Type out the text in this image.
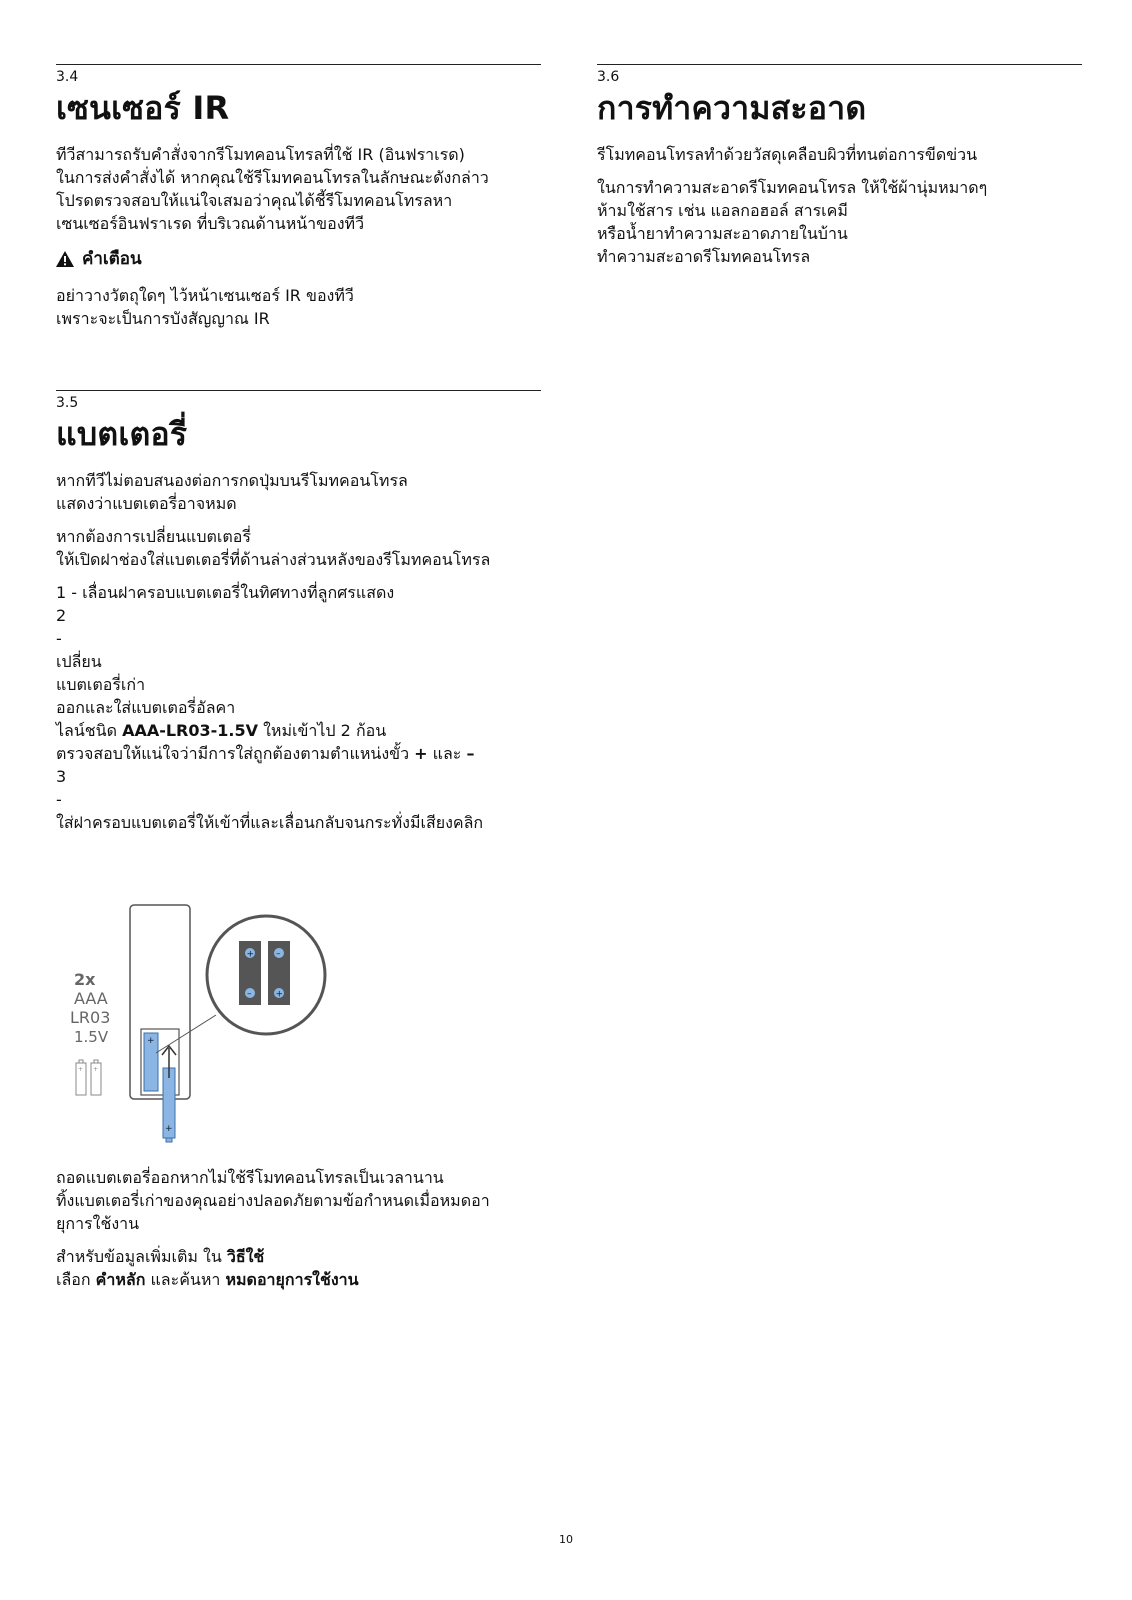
3.4
เซนเซอร์ IR
ทีวีสามารถรับคำสั่งจากรีโมทคอนโทรลที่ใช้ IR (อินฟราเรด)
ในการส่งคำสั่งได้ หากคุณใช้รีโมทคอนโทรลในลักษณะดังกล่าว
โปรดตรวจสอบให้แน่ใจเสมอว่าคุณได้ชี้รีโมทคอนโทรลหา
เซนเซอร์อินฟราเรด ที่บริเวณด้านหน้าของทีวี
คำเตือน
อย่าวางวัตถุใดๆ ไว้หน้าเซนเซอร์ IR ของทีวี
เพราะจะเป็นการบังสัญญาณ IR
3.5
แบตเตอรี่
หากทีวีไม่ตอบสนองต่อการกดปุ่มบนรีโมทคอนโทรล
แสดงว่าแบตเตอรี่อาจหมด
หากต้องการเปลี่ยนแบตเตอรี่
ให้เปิดฝาช่องใส่แบตเตอรี่ที่ด้านล่างส่วนหลังของรีโมทคอนโทรล
1 - เลื่อนฝาครอบแบตเตอรี่ในทิศทางที่ลูกศรแสดง
2
-
เปลี่ยน
แบตเตอรี่เก่า
ออกและใส่แบตเตอรี่อัลคา
ไลน์ชนิด AAA-LR03-1.5V ใหม่เข้าไป 2 ก้อน
ตรวจสอบให้แน่ใจว่ามีการใส่ถูกต้องตามตำแหน่งขั้ว + และ –
3
-
ใส่ฝาครอบแบตเตอรี่ให้เข้าที่และเลื่อนกลับจนกระทั่งมีเสียงคลิก
2x
AAA
LR03
1.5V
+ +
+
+
+
–
–
+
ถอดแบตเตอรี่ออกหากไม่ใช้รีโมทคอนโทรลเป็นเวลานาน
ทิ้งแบตเตอรี่เก่าของคุณอย่างปลอดภัยตามข้อกำหนดเมื่อหมดอา
ยุการใช้งาน
สำหรับข้อมูลเพิ่มเติม ใน วิธีใช้
เลือก คำหลัก และค้นหา หมดอายุการใช้งาน
3.6
การทำความสะอาด
รีโมทคอนโทรลทำด้วยวัสดุเคลือบผิวที่ทนต่อการขีดข่วน
ในการทำความสะอาดรีโมทคอนโทรล ให้ใช้ผ้านุ่มหมาดๆ
ห้ามใช้สาร เช่น แอลกอฮอล์ สารเคมี
หรือน้ำยาทำความสะอาดภายในบ้าน
ทำความสะอาดรีโมทคอนโทรล
10
